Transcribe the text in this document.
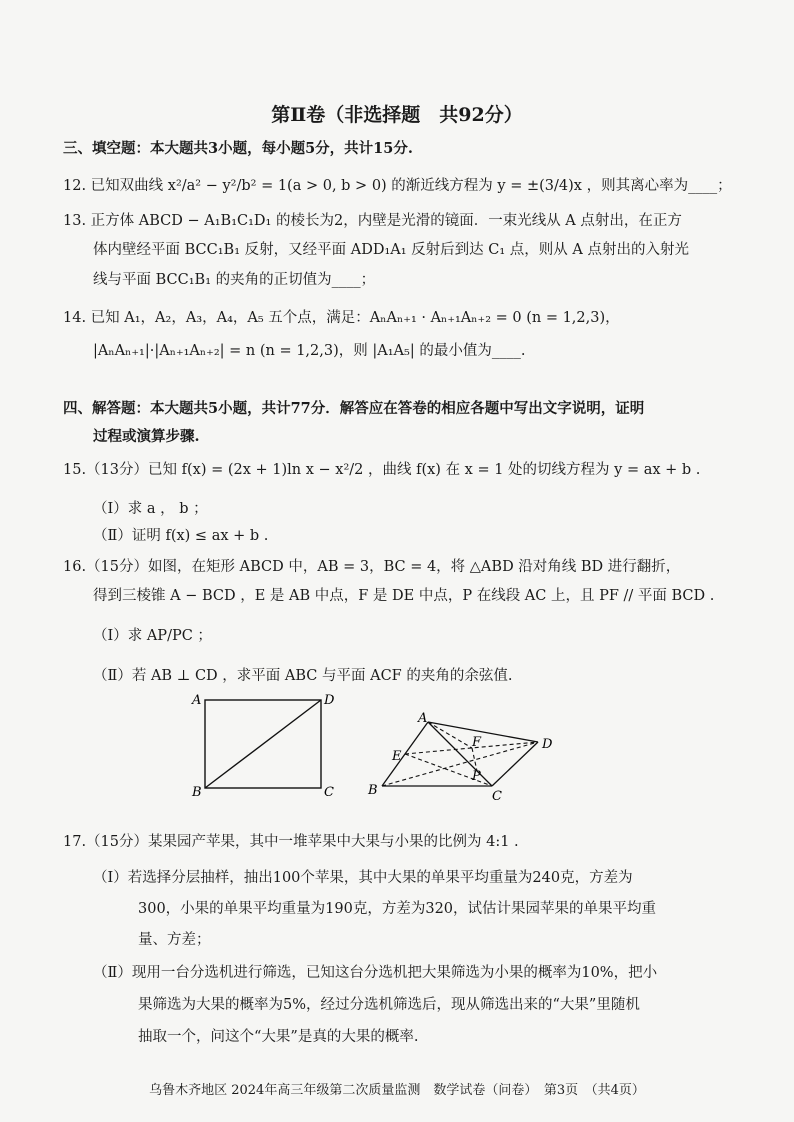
第Ⅱ卷（非选择题　共92分）
三、填空题：本大题共3小题，每小题5分，共计15分.
12. 已知双曲线 x²/a² − y²/b² = 1(a > 0, b > 0) 的渐近线方程为 y = ±(3/4)x ，则其离心率为____；
13. 正方体 ABCD − A₁B₁C₁D₁ 的棱长为2，内壁是光滑的镜面．一束光线从 A 点射出，在正方
体内壁经平面 BCC₁B₁ 反射，又经平面 ADD₁A₁ 反射后到达 C₁ 点，则从 A 点射出的入射光
线与平面 BCC₁B₁ 的夹角的正切值为____；
14. 已知 A₁，A₂，A₃，A₄，A₅ 五个点，满足：AₙAₙ₊₁ · Aₙ₊₁Aₙ₊₂ = 0 (n = 1,2,3)，
|AₙAₙ₊₁|·|Aₙ₊₁Aₙ₊₂| = n (n = 1,2,3)，则 |A₁A₅| 的最小值为____.
四、解答题：本大题共5小题，共计77分．解答应在答卷的相应各题中写出文字说明，证明
过程或演算步骤.
15.（13分）已知 f(x) = (2x + 1)ln x − x²/2 ，曲线 f(x) 在 x = 1 处的切线方程为 y = ax + b .
（Ⅰ）求 a ， b ；
（Ⅱ）证明 f(x) ≤ ax + b .
16.（15分）如图，在矩形 ABCD 中，AB = 3，BC = 4，将 △ABD 沿对角线 BD 进行翻折，
得到三棱锥 A − BCD ，E 是 AB 中点，F 是 DE 中点，P 在线段 AC 上，且 PF // 平面 BCD .
（Ⅰ）求 AP/PC ；
（Ⅱ）若 AB ⊥ CD ，求平面 ABC 与平面 ACF 的夹角的余弦值.
A	D
B	C
A
E
F	D
P
B	C
17.（15分）某果园产苹果，其中一堆苹果中大果与小果的比例为 4:1 .
（Ⅰ）若选择分层抽样，抽出100个苹果，其中大果的单果平均重量为240克，方差为
300，小果的单果平均重量为190克，方差为320，试估计果园苹果的单果平均重
量、方差；
（Ⅱ）现用一台分选机进行筛选，已知这台分选机把大果筛选为小果的概率为10%，把小
果筛选为大果的概率为5%，经过分选机筛选后，现从筛选出来的“大果”里随机
抽取一个，问这个“大果”是真的大果的概率.
乌鲁木齐地区 2024年高三年级第二次质量监测　数学试卷（问卷）　第3页　（共4页）
